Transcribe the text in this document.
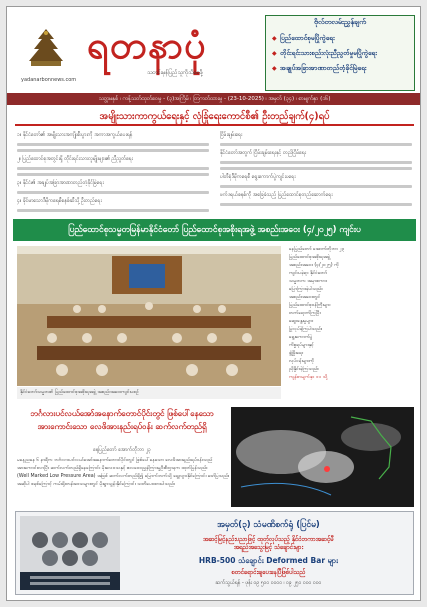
ရတနာပုံ
yadanarbonnews.com
သတင်းမှန်ပြည်သူကိုသိစေဖို့
ဗိုလ်တလမ်းညွှန်ချက်
◆ ပြည်ထောင်စုမပြိုကွဲရေး
◆ တိုင်းရင်းသားစည်းလုံးညီညွတ်မှုမပြိုကွဲရေး
◆ အချုပ်အခြာအာဏာတည်တံ့ခိုင်မြဲရေး
သတ္တမနှစ် ၊ ကန့်သတ်ထုတ်ဝေမှု - (၃)အကြိမ် ၊ တြကတ်ထားမှု - (23-10-2025) ၊ အမှတ် (၃၄) ၊ စာမျက်နှာ (၁၆)
အမျိုးသားကာကွယ်ရေးနှင့် လုံခြုံရေးကောင်စီ၏ ဦးတည်ချက်(၄)ရပ်
၁။ နိုင်ငံတော်၏ အမျိုးသားအကျိုးစီးပွားကို အကာအကွယ်ပေးရန်
၂။ ပြည်ထောင်စုအတွင်းရှိ တိုင်းရင်းသားလူမျိုးများ၏ ညီညွတ်ရေး
၃။ နိုင်ငံ၏ အချုပ်အခြာအာဏာတည်တံ့ခိုင်မြဲရေး
၄။ ခိုင်မာသောဒီမိုကရေစီစနစ်ဆီသို့ ဦးတည်ရေး
ငြိမ်းချမ်းရေး
နိုင်ငံတော်အတွက် ငြိမ်းချမ်းရေးနှင့် တည်ငြိမ်ရေး
ပါတီစုံဒီမိုကရေစီ ရွေးကောက်ပွဲကျင်းပရေး
ဖက်ဒရယ်စနစ်ကို အခြေခံသည့် ပြည်ထောင်စုတည်ဆောက်ရေး
ပြည်ထောင်စုသမ္မတမြန်မာနိုင်ငံတော် ပြည်ထောင်စုအစိုးရအဖွဲ့ အစည်းအဝေး (၄/၂၀၂၅) ကျင်းပ
နိုင်ငံတော်သမ္မတ၏ ပြည်ထောင်စုအစိုးရအဖွဲ့ အစည်းအဝေးကျင်းပစဉ်
နေပြည်တော် အောက်တိုဘာ ၂၃
ပြည်ထောင်စုအစိုးရအဖွဲ့
အစည်းအဝေး (၄/၂၀၂၅) ကို
ကျင်းပခဲ့ရာ နိုင်ငံတော်
သမ္မတက အမှာစကား
ပြောကြားခဲ့ပါသည်။
အစည်းအဝေးတွင်
ပြည်ထောင်စုဝန်ကြီးများ
တက်ရောက်ကြပြီး
ဆွေးနွေးမှုများ
ပြုလုပ်ခဲ့ကြပါသည်။
ရွေးကောက်ပွဲ
ကိစ္စရပ်များနှင့်
ဖွံ့ဖြိုးရေး
လုပ်ငန်းများကို
ညှိနှိုင်းခဲ့ကြသည်။
ကျန်စာမျက်နှာ ၁၁ သို့
ဘင်္ဂလားပင်လယ်အော်အနောက်တောင်ပိုင်းတွင် ဖြစ်ပေါ်နေသော အားကောင်းသော လေဖိအားနည်းရပ်ဝန်း ဆက်လက်တည်ရှိ
နေပြည်တော် အောက်တိုဘာ ၂၃
မနေ့ညနေ ၆ နာရီက ဘင်္ဂလားပင်လယ်အော်အနောက်တောင်ပိုင်းတွင် ဖြစ်ပေါ်နေသော လေဖိအားနည်းရပ်ဝန်းသည်
အားကောင်းလာပြီး ဆက်လက်တည်ရှိနေကြောင်း မိုးလေဝသနှင့် ဇလဗေဒညွှန်ကြားမှုဦးစီးဌာနက ထုတ်ပြန်သည်။
(Well Marked Low Pressure Area) အဖြစ် ဆက်လက်တည်ရှိ၍ မြောက်ဘက်သို့ ရွေ့လျားနိုင်ကြောင်း ဖော်ပြသည်။
အဆိုပါ စနစ်ကြောင့် ကမ်းရိုးတန်းဒေသများတွင် မိုးရွာသွန်းနိုင်ကြောင်း သတိပေးထားပါသည်။
အမှတ်(၃) သံမဏိစက်ရုံ (ပြင်မ)
အဆင့်မြင့်နည်းပညာဖြင့် ထုတ်လုပ်သည့် နိုင်ငံတကာအဆင့်မီ
အရည်အသွေးမြင့် သံချောင်းများ
HRB-500 သံချောင်း Deformed Bar များ
စတင်ရောင်းချပေးနေပြီဖြစ်ပါသည်
ဆက်သွယ်ရန် - ဖုန်း ၀၉ ၅၀၀ ၀၀၀၀ ၊ ၀၉ ၂၅၀ ၀၀၀ ၀၀၀
